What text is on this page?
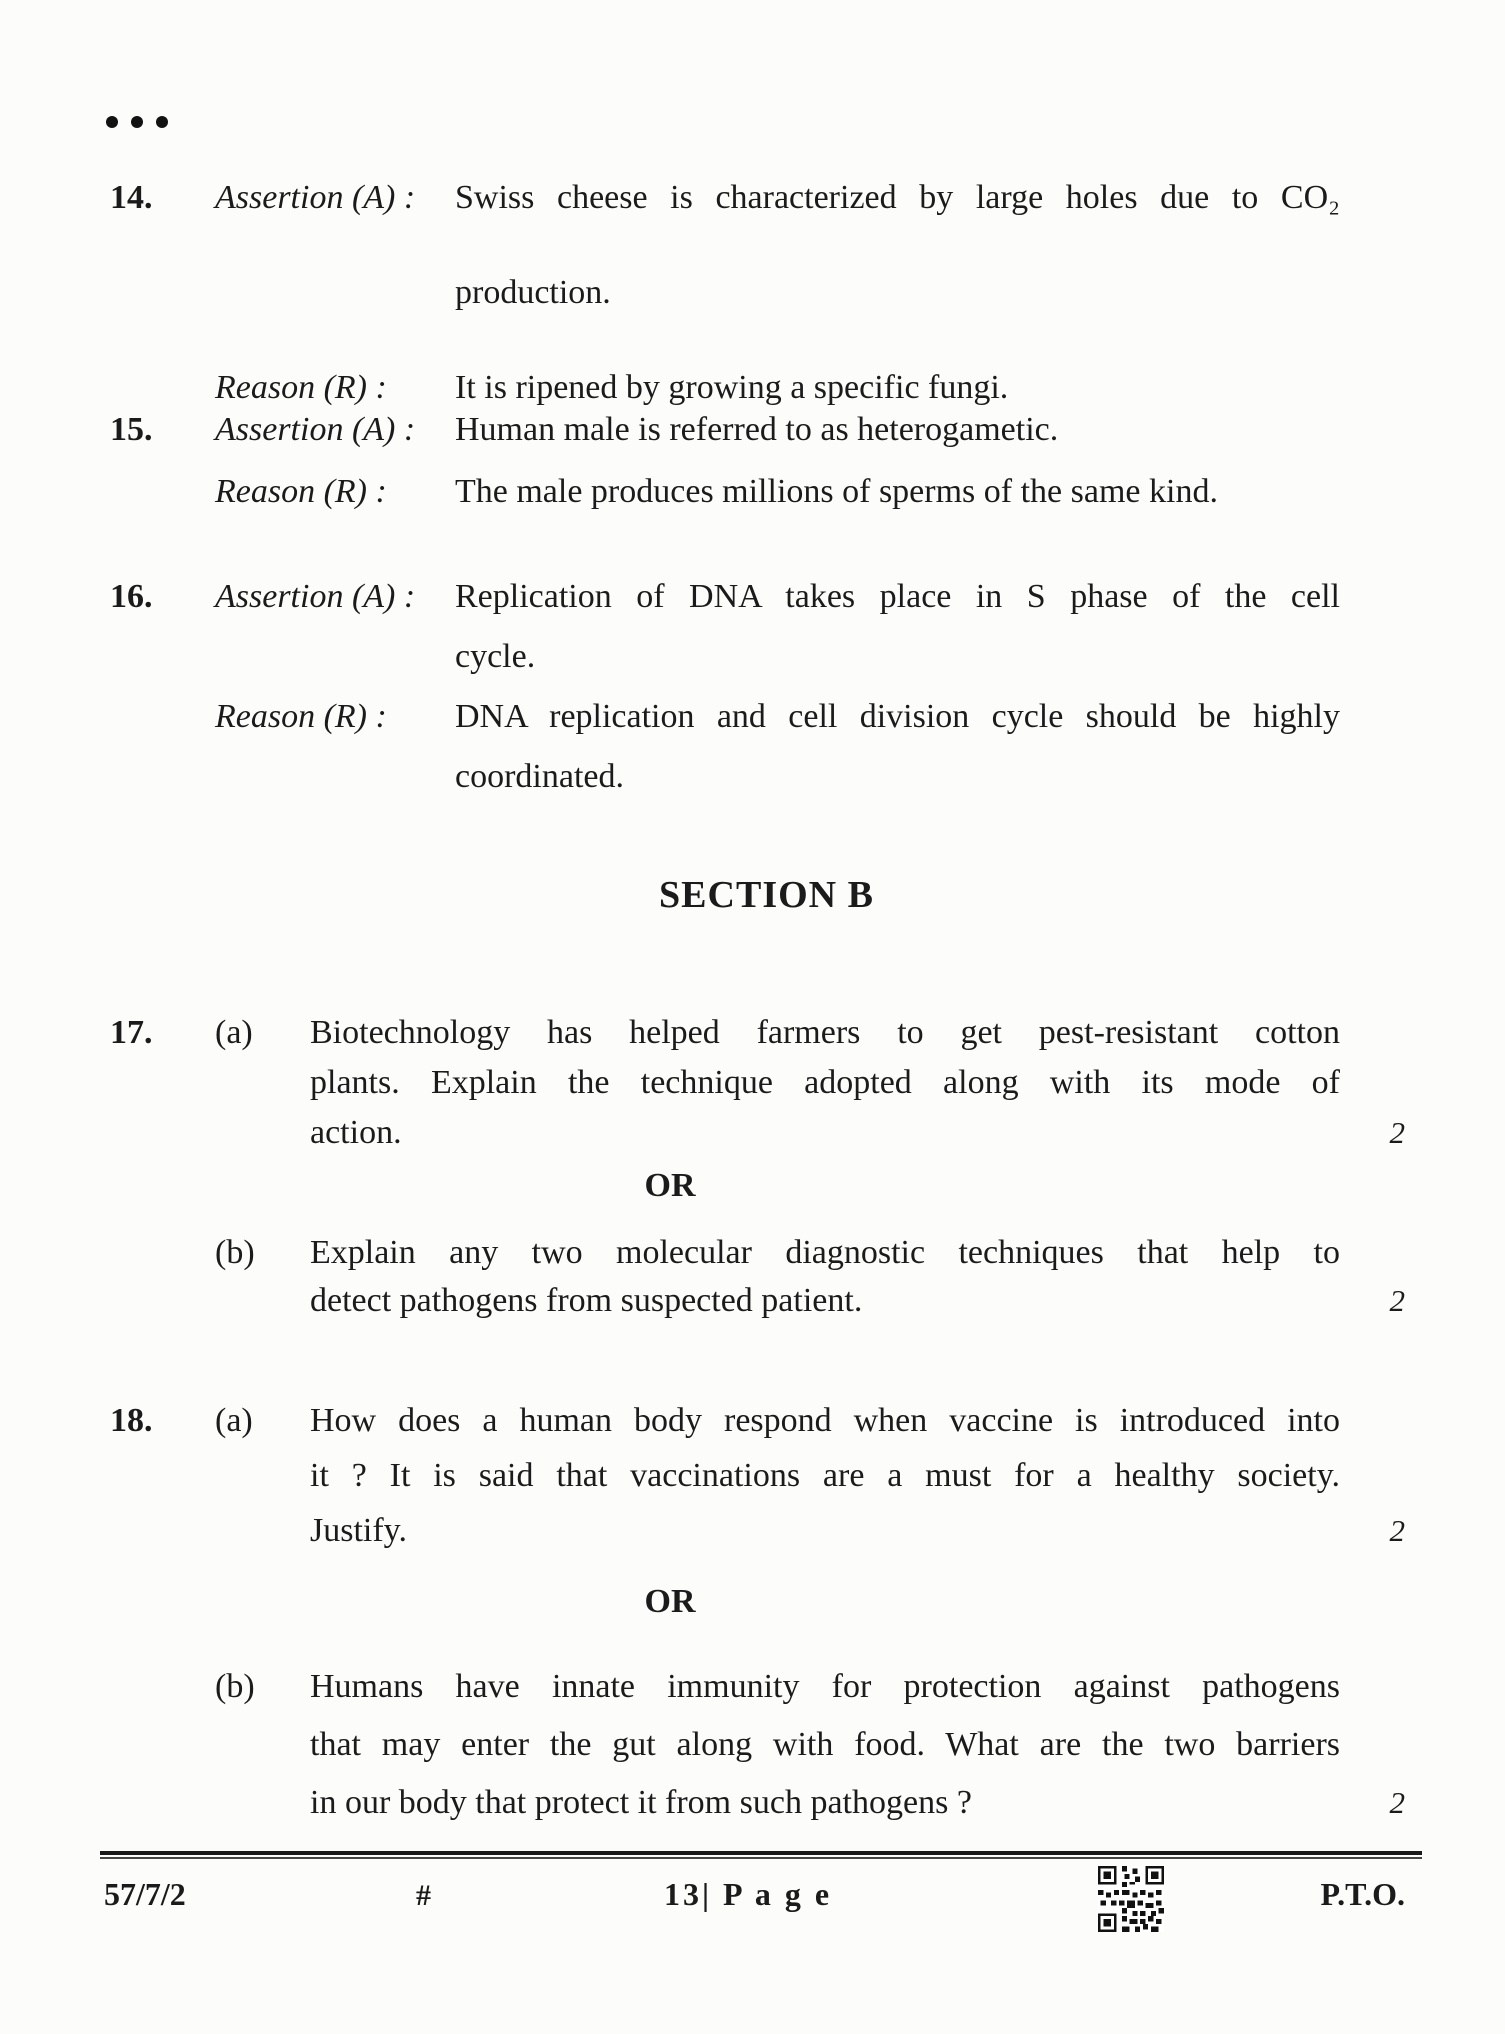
14.	Assertion (A) :	Swiss cheese is characterized by large holes due to CO₂
production.
Reason (R) :	It is ripened by growing a specific fungi.
15.	Assertion (A) :	Human male is referred to as heterogametic.
Reason (R) :	The male produces millions of sperms of the same kind.
16.	Assertion (A) :	Replication of DNA takes place in S phase of the cell
cycle.
Reason (R) :	DNA replication and cell division cycle should be highly
coordinated.
SECTION B
17.	(a)	Biotechnology has helped farmers to get pest-resistant cotton
plants. Explain the technique adopted along with its mode of
action.	2
OR
(b)	Explain any two molecular diagnostic techniques that help to
detect pathogens from suspected patient.	2
18.	(a)	How does a human body respond when vaccine is introduced into
it ? It is said that vaccinations are a must for a healthy society.
Justify.	2
OR
(b)	Humans have innate immunity for protection against pathogens
that may enter the gut along with food. What are the two barriers
in our body that protect it from such pathogens ?	2
57/7/2	#	13| P a g e	P.T.O.
